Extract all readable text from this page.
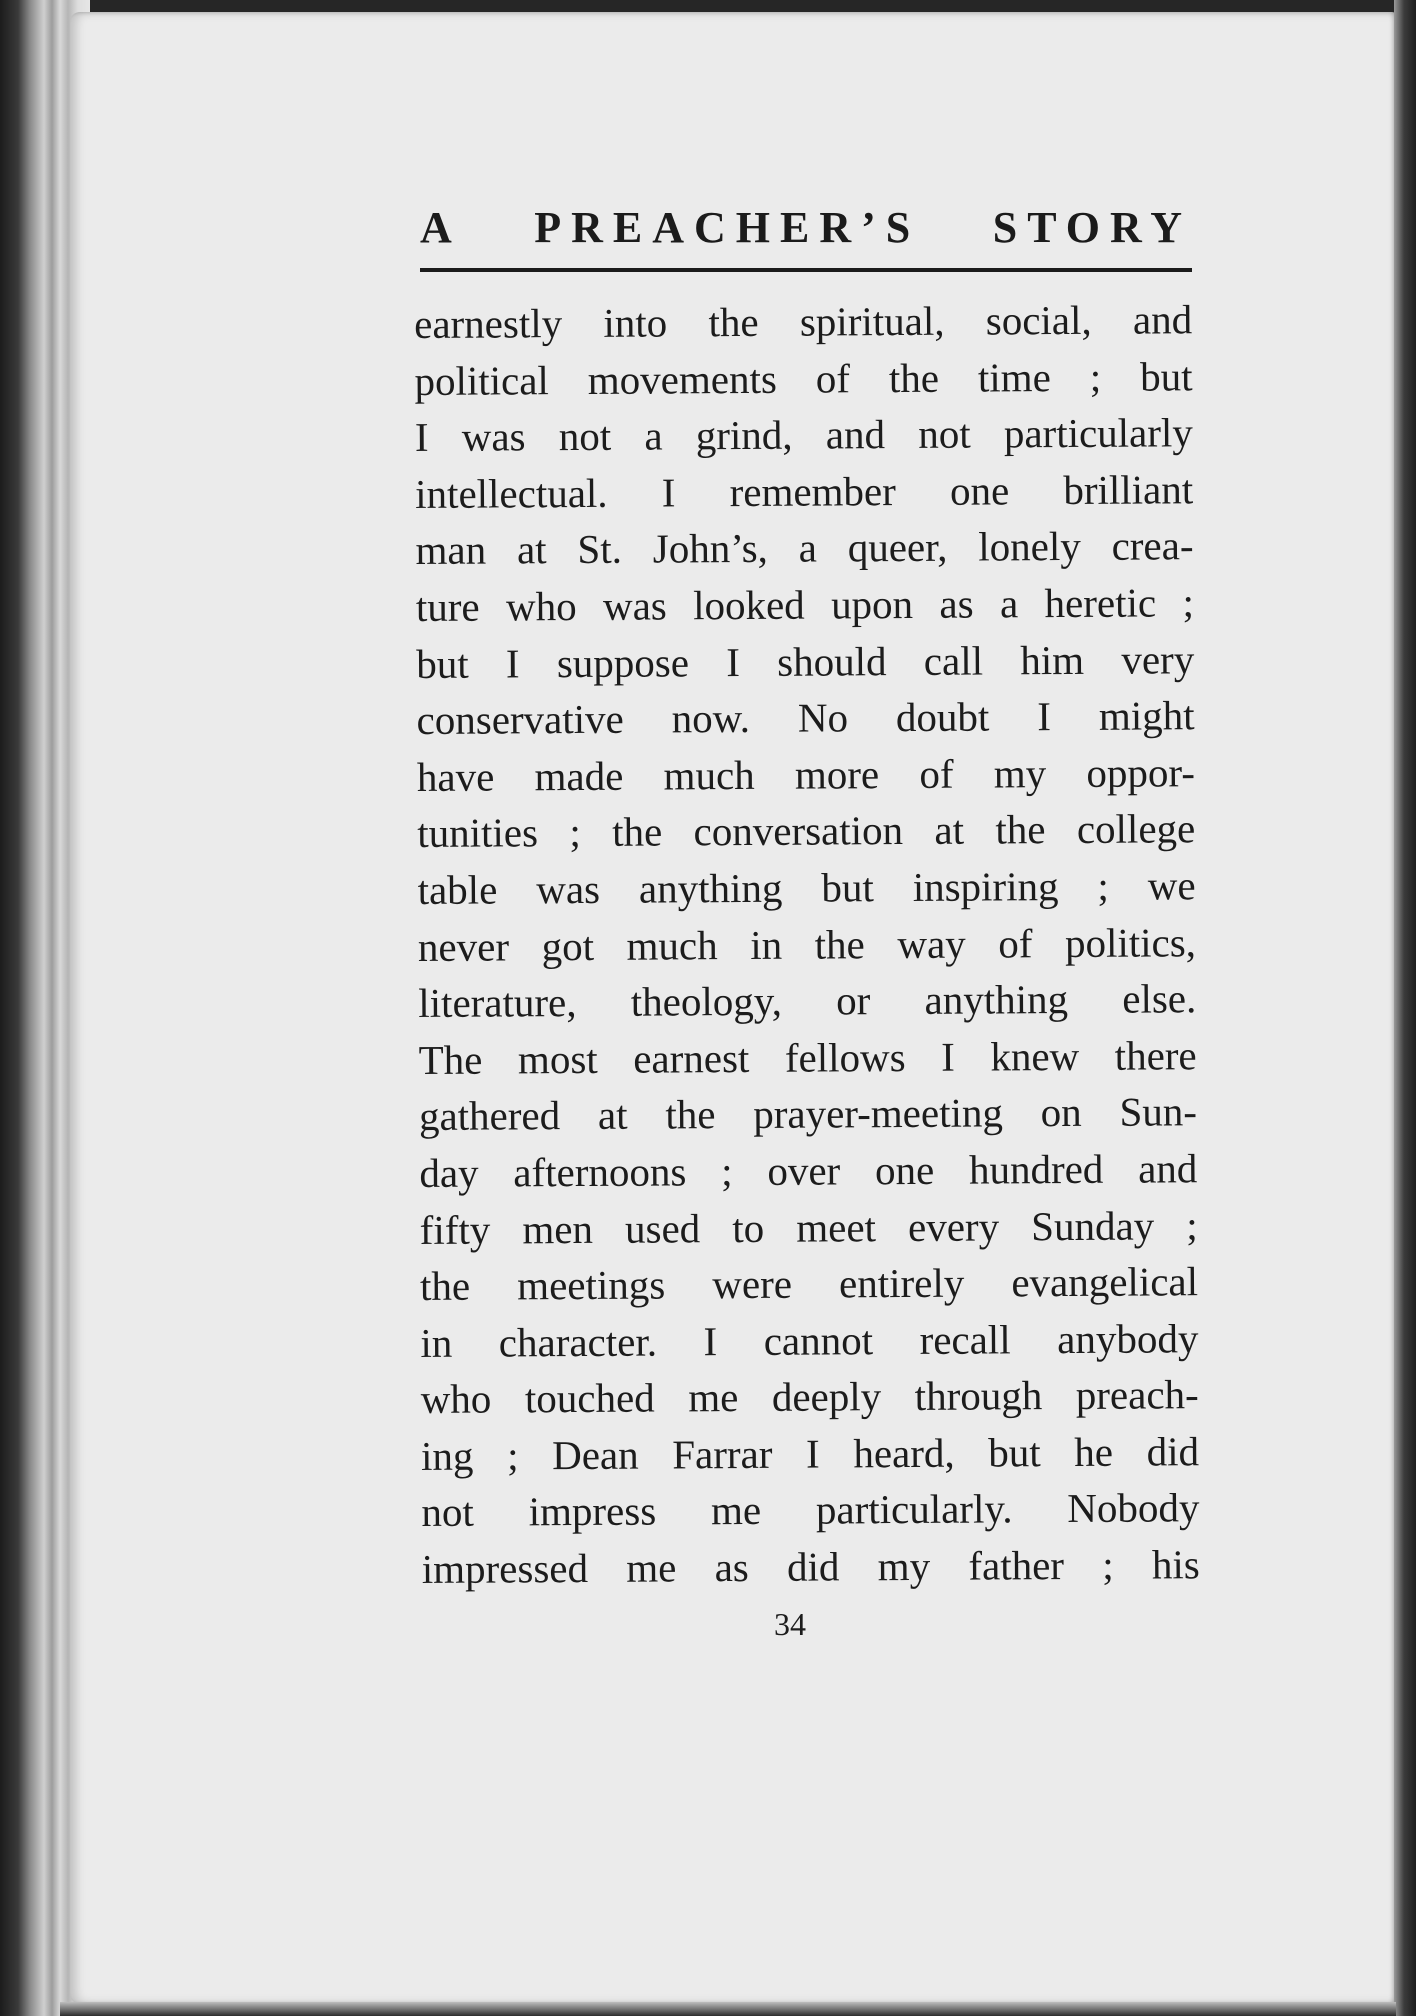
A PREACHER’S STORY
earnestly into the spiritual, social, and
political movements of the time ; but
I was not a grind, and not particularly
intellectual. I remember one brilliant
man at St. John’s, a queer, lonely crea-
ture who was looked upon as a heretic ;
but I suppose I should call him very
conservative now. No doubt I might
have made much more of my oppor-
tunities ; the conversation at the college
table was anything but inspiring ; we
never got much in the way of politics,
literature, theology, or anything else.
The most earnest fellows I knew there
gathered at the prayer-meeting on Sun-
day afternoons ; over one hundred and
fifty men used to meet every Sunday ;
the meetings were entirely evangelical
in character. I cannot recall anybody
who touched me deeply through preach-
ing ; Dean Farrar I heard, but he did
not impress me particularly. Nobody
impressed me as did my father ; his
34
